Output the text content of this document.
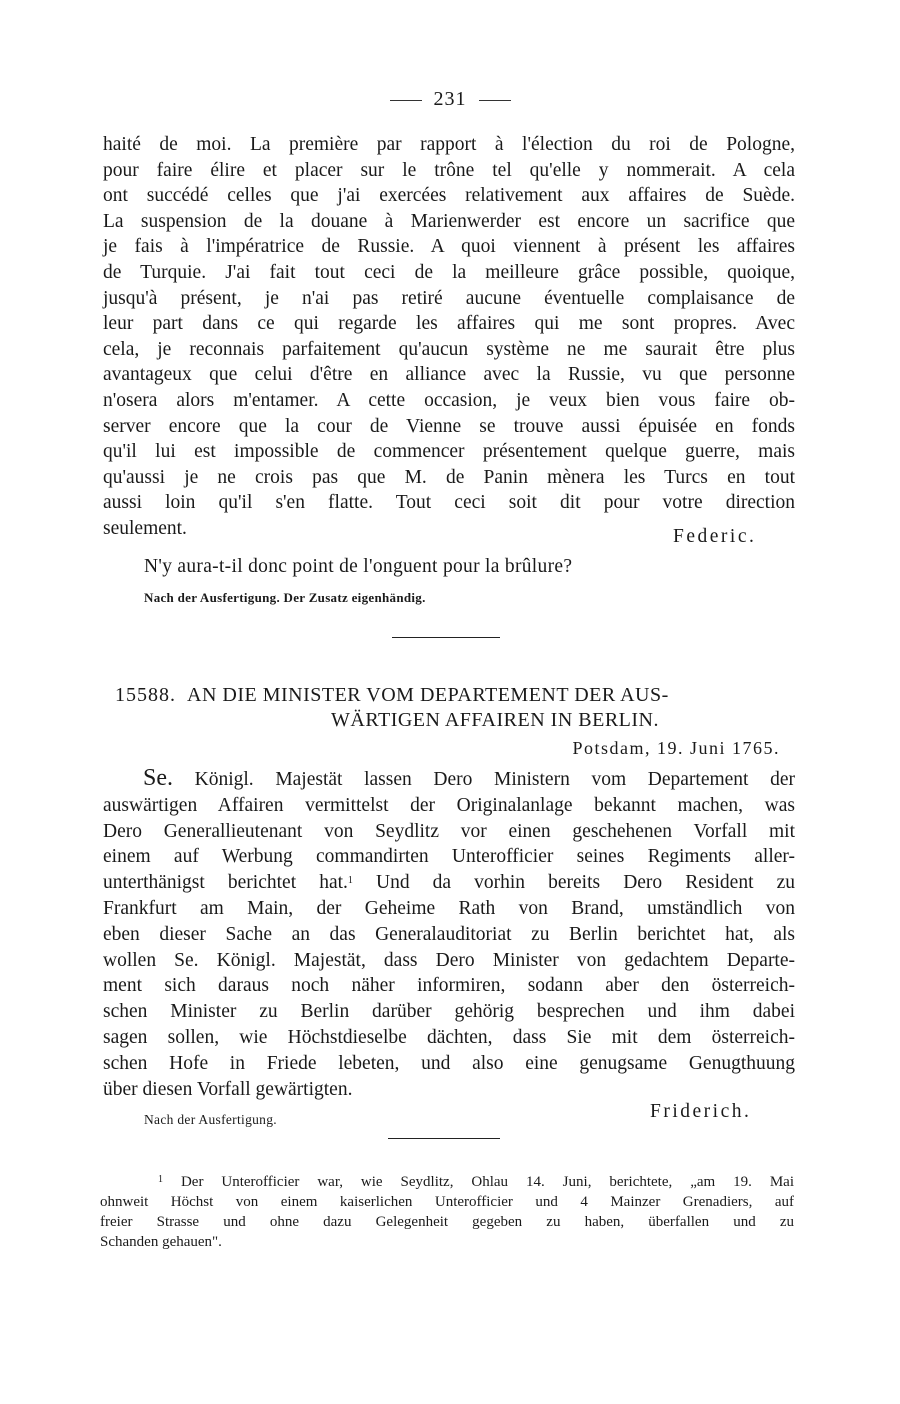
231
haité de moi. La première par rapport à l'élection du roi de Pologne,
pour faire élire et placer sur le trône tel qu'elle y nommerait. A cela
ont succédé celles que j'ai exercées relativement aux affaires de Suède.
La suspension de la douane à Marienwerder est encore un sacrifice que
je fais à l'impératrice de Russie. A quoi viennent à présent les affaires
de Turquie. J'ai fait tout ceci de la meilleure grâce possible, quoique,
jusqu'à présent, je n'ai pas retiré aucune éventuelle complaisance de
leur part dans ce qui regarde les affaires qui me sont propres. Avec
cela, je reconnais parfaitement qu'aucun système ne me saurait être plus
avantageux que celui d'être en alliance avec la Russie, vu que personne
n'osera alors m'entamer. A cette occasion, je veux bien vous faire ob-
server encore que la cour de Vienne se trouve aussi épuisée en fonds
qu'il lui est impossible de commencer présentement quelque guerre, mais
qu'aussi je ne crois pas que M. de Panin mènera les Turcs en tout
aussi loin qu'il s'en flatte. Tout ceci soit dit pour votre direction
seulement.	Federic.
N'y aura-t-il donc point de l'onguent pour la brûlure?
Nach der Ausfertigung. Der Zusatz eigenhändig.
15588. AN DIE MINISTER VOM DEPARTEMENT DER AUS-
WÄRTIGEN AFFAIREN IN BERLIN.
Potsdam, 19. Juni 1765.
Se. Königl. Majestät lassen Dero Ministern vom Departement der
auswärtigen Affairen vermittelst der Originalanlage bekannt machen, was
Dero Generallieutenant von Seydlitz vor einen geschehenen Vorfall mit
einem auf Werbung commandirten Unterofficier seines Regiments aller-
unterthänigst berichtet hat.$^1$ Und da vorhin bereits Dero Resident zu
Frankfurt am Main, der Geheime Rath von Brand, umständlich von
eben dieser Sache an das Generalauditoriat zu Berlin berichtet hat, als
wollen Se. Königl. Majestät, dass Dero Minister von gedachtem Departe-
ment sich daraus noch näher informiren, sodann aber den österreich-
schen Minister zu Berlin darüber gehörig besprechen und ihm dabei
sagen sollen, wie Höchstdieselbe dächten, dass Sie mit dem österreich-
schen Hofe in Friede lebeten, und also eine genugsame Genugthuung
über diesen Vorfall gewärtigten.
Nach der Ausfertigung.	Friderich.
$^1$ Der Unterofficier war, wie Seydlitz, Ohlau 14. Juni, berichtete, „am 19. Mai
ohnweit Höchst von einem kaiserlichen Unterofficier und 4 Mainzer Grenadiers, auf
freier Strasse und ohne dazu Gelegenheit gegeben zu haben, überfallen und zu
Schanden gehauen".
